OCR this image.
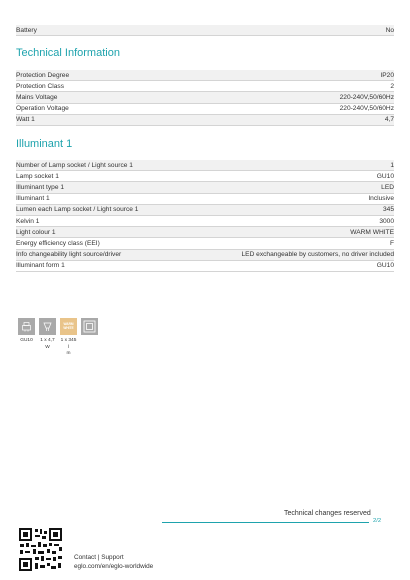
Battery	No
Technical Information
Protection Degree	IP20
Protection Class	2
Mains Voltage	220-240V,50/60Hz
Operation Voltage	220-240V,50/60Hz
Watt 1	4,7
Illuminant 1
Number of Lamp socket / Light source 1	1
Lamp socket 1	GU10
Illuminant type 1	LED
Illuminant 1	Inclusive
Lumen each Lamp socket / Light source 1	345
Kelvin 1	3000
Light colour 1	WARM WHITE
Energy efficiency class (EEI)	F
Info changeability light source/driver	LED exchangeable by customers, no driver included
Illuminant form 1	GU10
GU10 1 x 4,7
W
WARM
WHITE
1 x 345 l
m
Technical changes reserved
2/2
Contact | Support
eglo.com/en/eglo-worldwide
